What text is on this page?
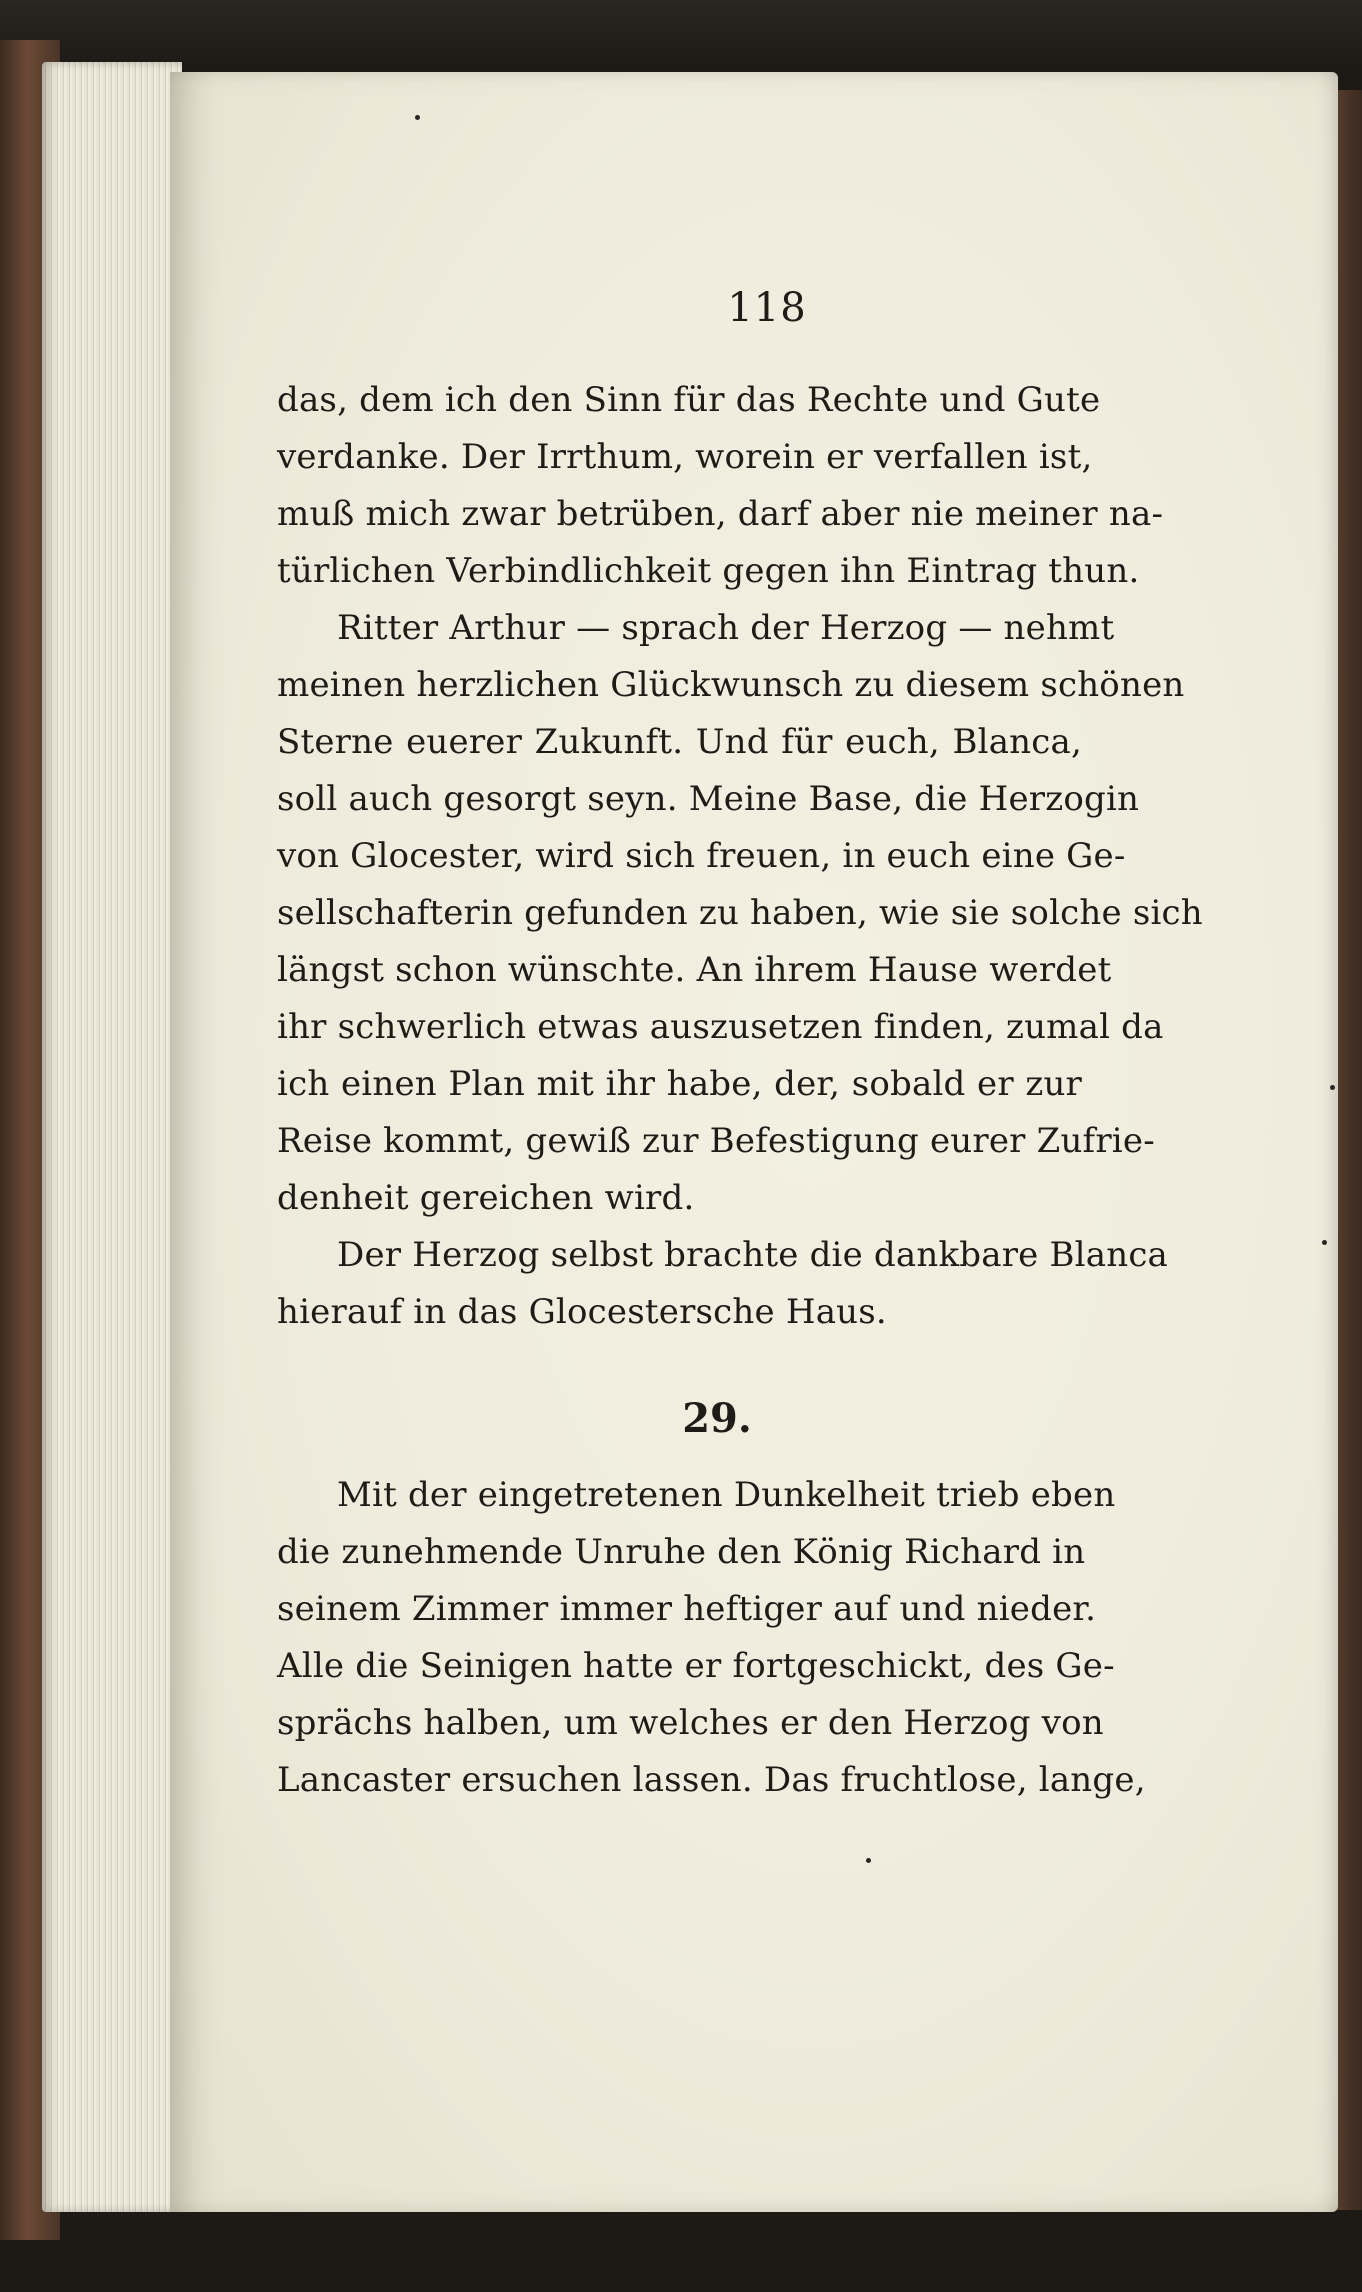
118
das, dem ich den Sinn für das Rechte und Gute
verdanke. Der Irrthum, worein er verfallen ist,
muß mich zwar betrüben, darf aber nie meiner na-
türlichen Verbindlichkeit gegen ihn Eintrag thun.
Ritter Arthur — sprach der Herzog — nehmt
meinen herzlichen Glückwunsch zu diesem schönen
Sterne euerer Zukunft. Und für euch, Blanca,
soll auch gesorgt seyn. Meine Base, die Herzogin
von Glocester, wird sich freuen, in euch eine Ge-
sellschafterin gefunden zu haben, wie sie solche sich
längst schon wünschte. An ihrem Hause werdet
ihr schwerlich etwas auszusetzen finden, zumal da
ich einen Plan mit ihr habe, der, sobald er zur
Reise kommt, gewiß zur Befestigung eurer Zufrie-
denheit gereichen wird.
Der Herzog selbst brachte die dankbare Blanca
hierauf in das Glocestersche Haus.
29.
Mit der eingetretenen Dunkelheit trieb eben
die zunehmende Unruhe den König Richard in
seinem Zimmer immer heftiger auf und nieder.
Alle die Seinigen hatte er fortgeschickt, des Ge-
sprächs halben, um welches er den Herzog von
Lancaster ersuchen lassen. Das fruchtlose, lange,
